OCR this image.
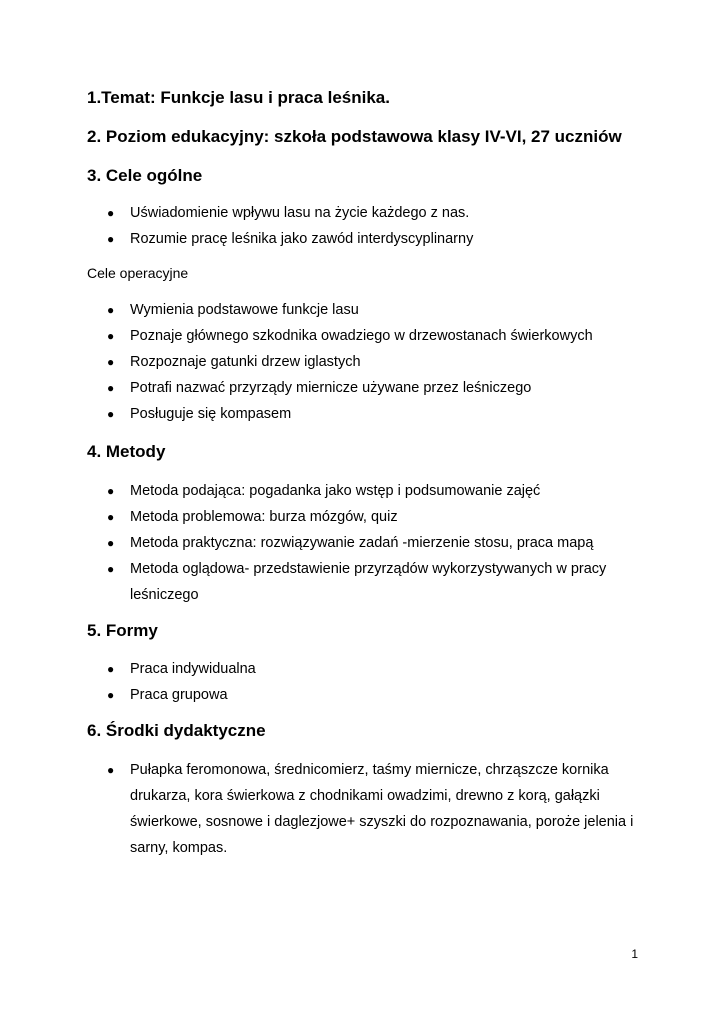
1.Temat: Funkcje lasu i praca leśnika.
2. Poziom edukacyjny: szkoła podstawowa klasy IV-VI, 27 uczniów
3. Cele ogólne
● Uświadomienie wpływu lasu na życie każdego z nas.
● Rozumie pracę leśnika jako zawód interdyscyplinarny
Cele operacyjne
● Wymienia podstawowe funkcje lasu
● Poznaje głównego szkodnika owadziego w drzewostanach świerkowych
● Rozpoznaje gatunki drzew iglastych
● Potrafi nazwać przyrządy miernicze używane przez leśniczego
● Posługuje się kompasem
4. Metody
● Metoda podająca: pogadanka jako wstęp i podsumowanie zajęć
● Metoda problemowa: burza mózgów, quiz
● Metoda praktyczna: rozwiązywanie zadań -mierzenie stosu, praca mapą
● Metoda oglądowa- przedstawienie przyrządów wykorzystywanych w pracy leśniczego
5. Formy
● Praca indywidualna
● Praca grupowa
6. Środki dydaktyczne
● Pułapka feromonowa, średnicomierz, taśmy miernicze, chrząszcze kornika drukarza, kora świerkowa z chodnikami owadzimi, drewno z korą, gałązki świerkowe, sosnowe i daglezjowe+ szyszki do rozpoznawania, poroże jelenia i sarny, kompas.
1
